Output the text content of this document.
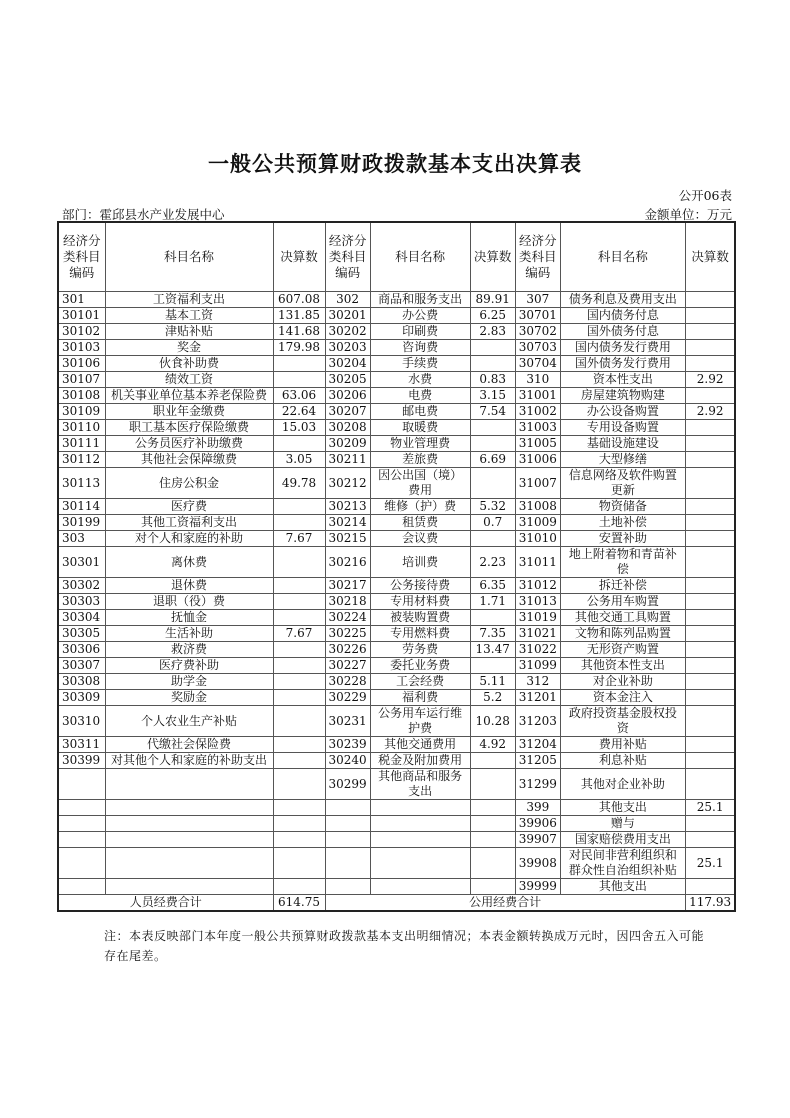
一般公共预算财政拨款基本支出决算表
公开06表
部门：霍邱县水产业发展中心	金额单位：万元
经济分类科目编码	科目名称	决算数	经济分类科目编码	科目名称	决算数	经济分类科目编码	科目名称	决算数
301	工资福利支出	607.08	302	商品和服务支出	89.91	307	债务利息及费用支出	
30101	基本工资	131.85	30201	办公费	6.25	30701	国内债务付息	
30102	津贴补贴	141.68	30202	印刷费	2.83	30702	国外债务付息	
30103	奖金	179.98	30203	咨询费		30703	国内债务发行费用	
30106	伙食补助费		30204	手续费		30704	国外债务发行费用	
30107	绩效工资		30205	水费	0.83	310	资本性支出	2.92
30108	机关事业单位基本养老保险费	63.06	30206	电费	3.15	31001	房屋建筑物购建	
30109	职业年金缴费	22.64	30207	邮电费	7.54	31002	办公设备购置	2.92
30110	职工基本医疗保险缴费	15.03	30208	取暖费		31003	专用设备购置	
30111	公务员医疗补助缴费		30209	物业管理费		31005	基础设施建设	
30112	其他社会保障缴费	3.05	30211	差旅费	6.69	31006	大型修缮	
30113	住房公积金	49.78	30212	因公出国（境）费用		31007	信息网络及软件购置更新	
30114	医疗费		30213	维修（护）费	5.32	31008	物资储备	
30199	其他工资福利支出		30214	租赁费	0.7	31009	土地补偿	
303	对个人和家庭的补助	7.67	30215	会议费		31010	安置补助	
30301	离休费		30216	培训费	2.23	31011	地上附着物和青苗补偿	
30302	退休费		30217	公务接待费	6.35	31012	拆迁补偿	
30303	退职（役）费		30218	专用材料费	1.71	31013	公务用车购置	
30304	抚恤金		30224	被装购置费		31019	其他交通工具购置	
30305	生活补助	7.67	30225	专用燃料费	7.35	31021	文物和陈列品购置	
30306	救济费		30226	劳务费	13.47	31022	无形资产购置	
30307	医疗费补助		30227	委托业务费		31099	其他资本性支出	
30308	助学金		30228	工会经费	5.11	312	对企业补助	
30309	奖励金		30229	福利费	5.2	31201	资本金注入	
30310	个人农业生产补贴		30231	公务用车运行维护费	10.28	31203	政府投资基金股权投资	
30311	代缴社会保险费		30239	其他交通费用	4.92	31204	费用补贴	
30399	对其他个人和家庭的补助支出		30240	税金及附加费用		31205	利息补贴	
			30299	其他商品和服务支出		31299	其他对企业补助	
						399	其他支出	25.1
						39906	赠与	
						39907	国家赔偿费用支出	
						39908	对民间非营利组织和群众性自治组织补贴	25.1
						39999	其他支出	
人员经费合计		614.75	公用经费合计					117.93
注：本表反映部门本年度一般公共预算财政拨款基本支出明细情况；本表金额转换成万元时，因四舍五入可能存在尾差。
